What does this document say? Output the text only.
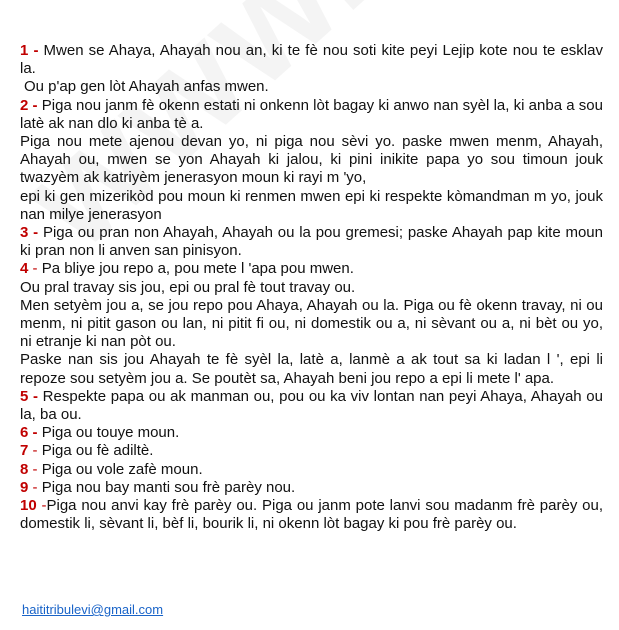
1 - Mwen se Ahaya, Ahayah nou an, ki te fè nou soti kite peyi Lejip kote nou te esklav la.

Ou p'ap gen lòt Ahayah anfas mwen.

2 - Piga nou janm fè okenn estati ni onkenn lòt bagay ki anwo nan syèl la, ki anba a sou latè ak nan dlo ki anba tè a.

Piga nou mete ajenou devan yo, ni piga nou sèvi yo. paske mwen menm, Ahayah, Ahayah ou, mwen se yon Ahayah ki jalou, ki pini inikite papa yo sou timoun jouk twazyèm ak katriyèm jenerasyon moun ki rayi m 'yo,

epi ki gen mizerikòd pou moun ki renmen mwen epi ki respekte kòmandman m yo, jouk nan milye jenerasyon

3 - Piga ou pran non Ahayah, Ahayah ou la pou gremesi; paske Ahayah pap kite moun ki pran non li anven san pinisyon.

4 - Pa bliye jou repo a, pou mete l 'apa pou mwen.

Ou pral travay sis jou, epi ou pral fè tout travay ou.

Men setyèm jou a, se jou repo pou Ahaya, Ahayah ou la. Piga ou fè okenn travay, ni ou menm, ni pitit gason ou lan, ni pitit fi ou, ni domestik ou a, ni sèvant ou a, ni bèt ou yo, ni etranje ki nan pòt ou.

Paske nan sis jou Ahayah te fè syèl la, latè a, lanmè a ak tout sa ki ladan l ', epi li repoze sou setyèm jou a. Se poutèt sa, Ahayah beni jou repo a epi li mete l' apa.

5 - Respekte papa ou ak manman ou, pou ou ka viv lontan nan peyi Ahaya, Ahayah ou la, ba ou.

6 - Piga ou touye moun.

7 - Piga ou fè adiltè.

8 - Piga ou vole zafè moun.

9 - Piga nou bay manti sou frè parèy nou.

10 -Piga nou anvi kay frè parèy ou. Piga ou janm pote lanvi sou madanm frè parèy ou, domestik li, sèvant li, bèf li, bourik li, ni okenn lòt bagay ki pou frè parèy ou.

haititribulevi@gmail.com
